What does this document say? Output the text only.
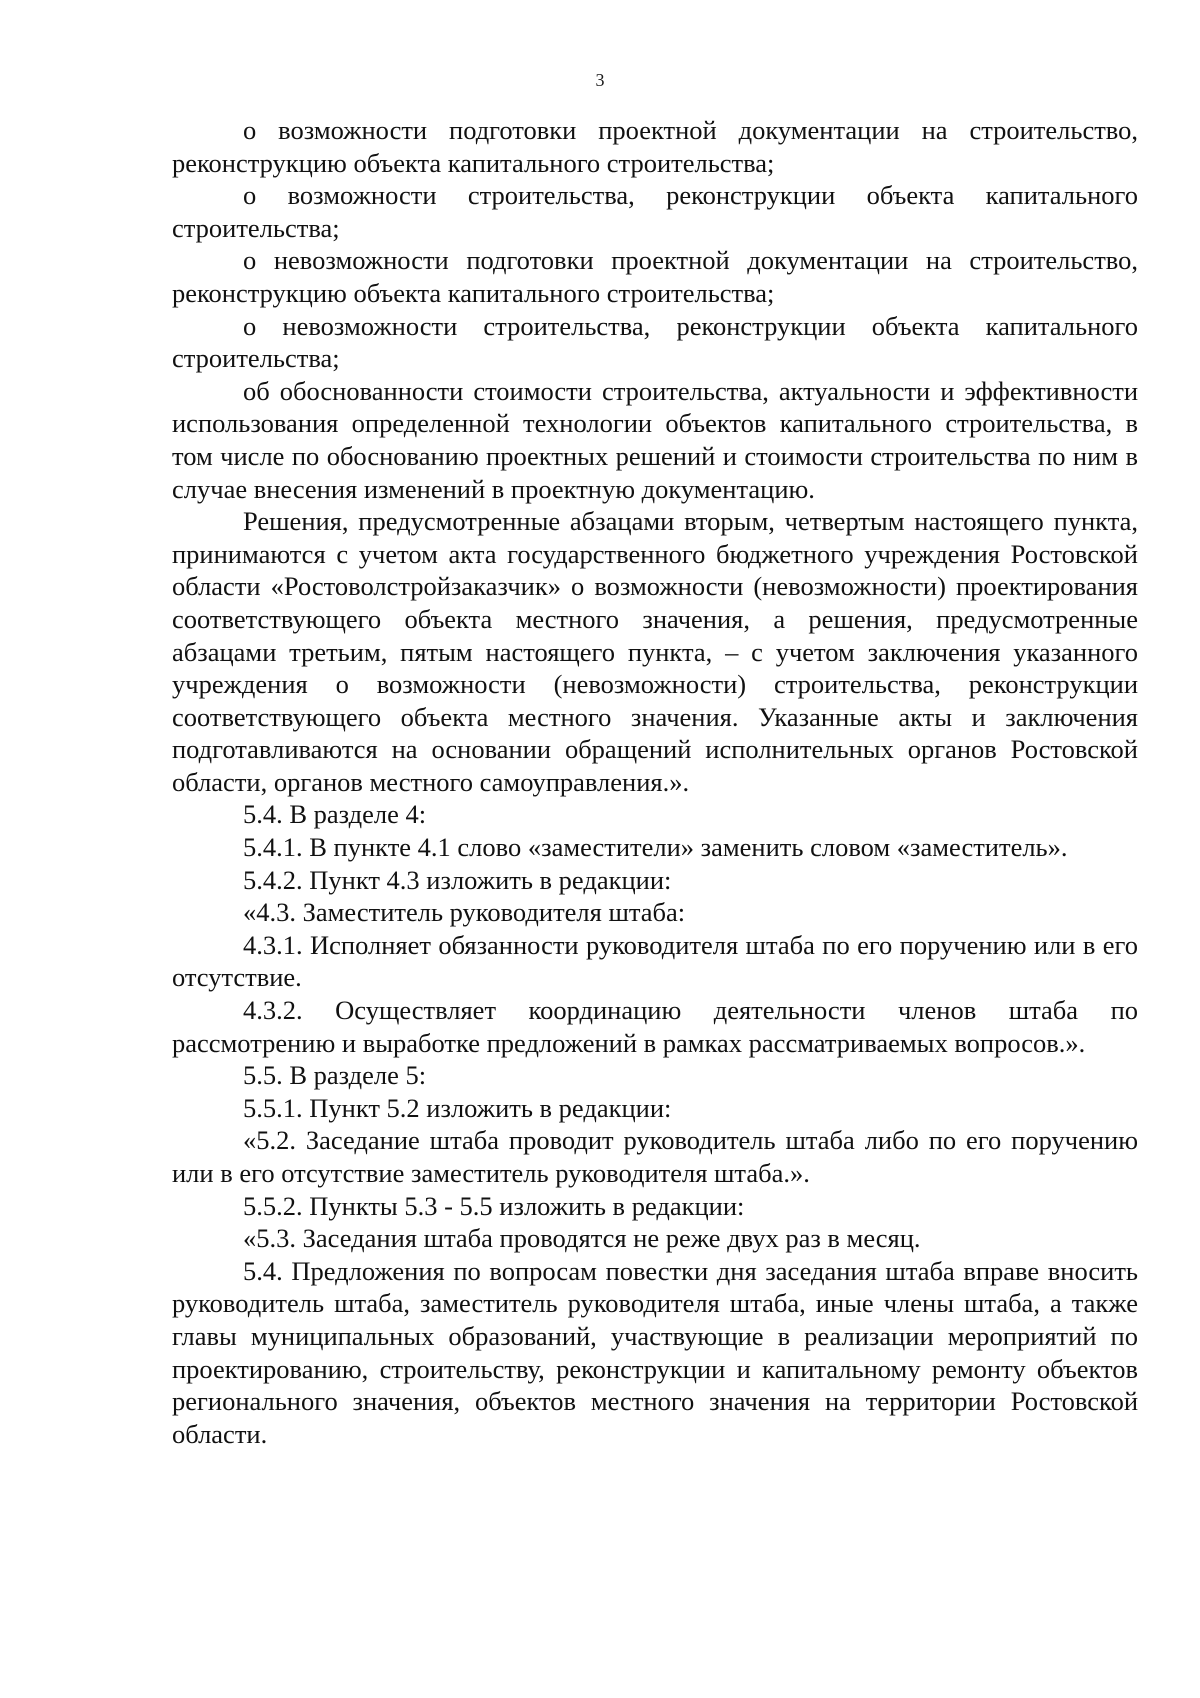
3

о возможности подготовки проектной документации на строительство, реконструкцию объекта капитального строительства;

о возможности строительства, реконструкции объекта капитального строительства;

о невозможности подготовки проектной документации на строительство, реконструкцию объекта капитального строительства;

о невозможности строительства, реконструкции объекта капитального строительства;

об обоснованности стоимости строительства, актуальности и эффективности использования определенной технологии объектов капитального строительства, в том числе по обоснованию проектных решений и стоимости строительства по ним в случае внесения изменений в проектную документацию.

Решения, предусмотренные абзацами вторым, четвертым настоящего пункта, принимаются с учетом акта государственного бюджетного учреждения Ростовской области «Ростоволстройзаказчик» о возможности (невозможности) проектирования соответствующего объекта местного значения, а решения, предусмотренные абзацами третьим, пятым настоящего пункта, – с учетом заключения указанного учреждения о возможности (невозможности) строительства, реконструкции соответствующего объекта местного значения. Указанные акты и заключения подготавливаются на основании обращений исполнительных органов Ростовской области, органов местного самоуправления.».

5.4. В разделе 4:

5.4.1. В пункте 4.1 слово «заместители» заменить словом «заместитель».

5.4.2. Пункт 4.3 изложить в редакции:

«4.3. Заместитель руководителя штаба:

4.3.1. Исполняет обязанности руководителя штаба по его поручению или в его отсутствие.

4.3.2. Осуществляет координацию деятельности членов штаба по рассмотрению и выработке предложений в рамках рассматриваемых вопросов.».

5.5. В разделе 5:

5.5.1. Пункт 5.2 изложить в редакции:

«5.2. Заседание штаба проводит руководитель штаба либо по его поручению или в его отсутствие заместитель руководителя штаба.».

5.5.2. Пункты 5.3 - 5.5 изложить в редакции:

«5.3. Заседания штаба проводятся не реже двух раз в месяц.

5.4. Предложения по вопросам повестки дня заседания штаба вправе вносить руководитель штаба, заместитель руководителя штаба, иные члены штаба, а также главы муниципальных образований, участвующие в реализации мероприятий по проектированию, строительству, реконструкции и капитальному ремонту объектов регионального значения, объектов местного значения на территории Ростовской области.
